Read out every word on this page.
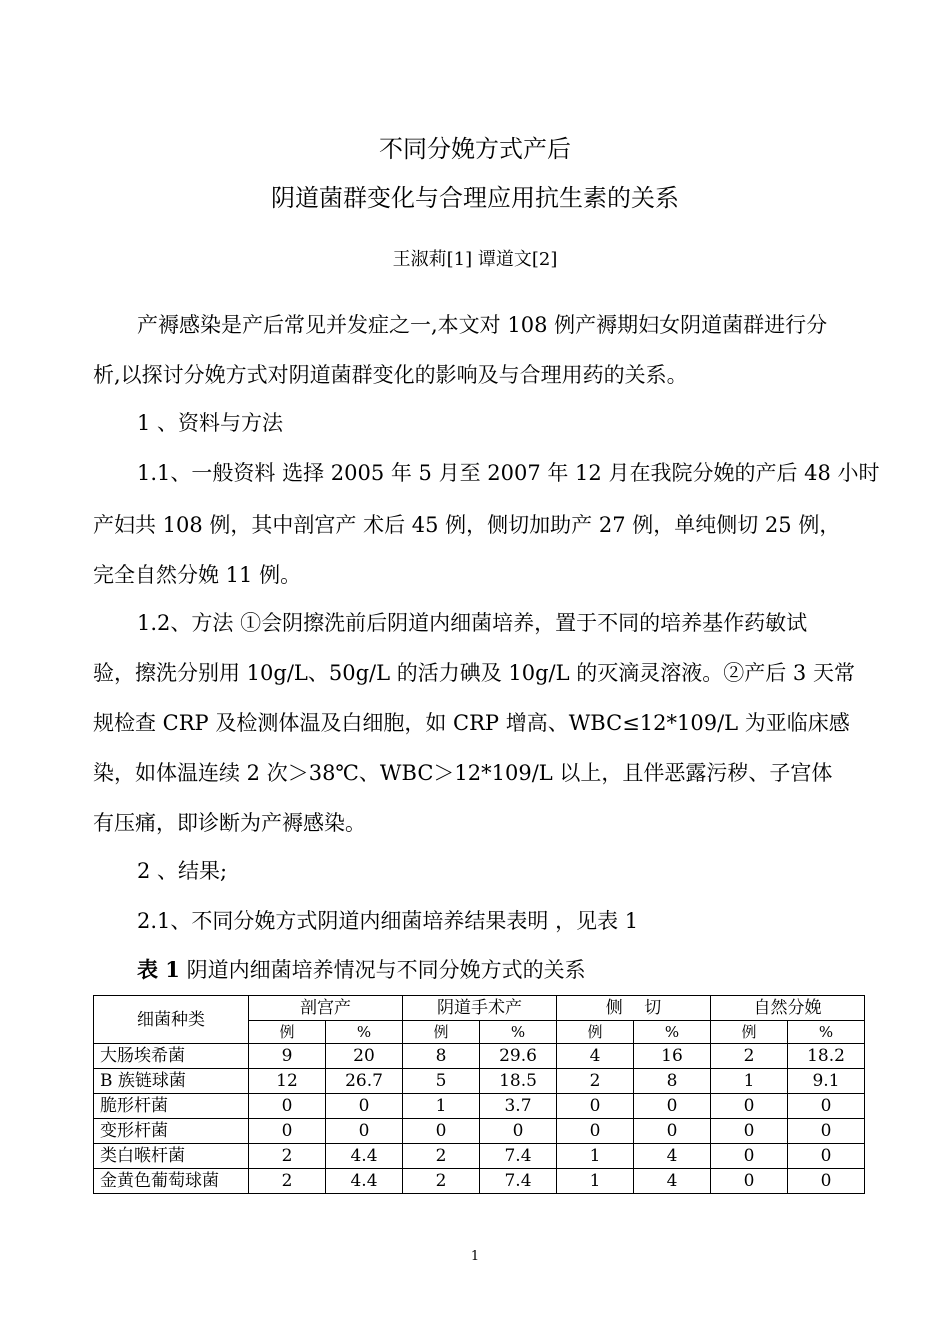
不同分娩方式产后
阴道菌群变化与合理应用抗生素的关系
王淑莉[1] 谭道文[2]
产褥感染是产后常见并发症之一,本文对 108 例产褥期妇女阴道菌群进行分
析,以探讨分娩方式对阴道菌群变化的影响及与合理用药的关系。
1 、资料与方法
1.1、一般资料 选择 2005 年 5 月至 2007 年 12 月在我院分娩的产后 48 小时
产妇共 108 例，其中剖宫产 术后 45 例，侧切加助产 27 例，单纯侧切 25 例，
完全自然分娩 11 例。
1.2、方法 ①会阴擦洗前后阴道内细菌培养，置于不同的培养基作药敏试
验，擦洗分别用 10g/L、50g/L 的活力碘及 10g/L 的灭滴灵溶液。②产后 3 天常
规检查 CRP 及检测体温及白细胞，如 CRP 增高、WBC≤12*109/L 为亚临床感
染，如体温连续 2 次＞38℃、WBC＞12*109/L 以上，且伴恶露污秽、子宫体
有压痛，即诊断为产褥感染。
2 、结果;
2.1、不同分娩方式阴道内细菌培养结果表明 ，见表 1
表 1 阴道内细菌培养情况与不同分娩方式的关系
细菌种类	剖宫产		阴道手术产		侧    切		自然分娩	
	例	%	例	%	例	%	例	%
大肠埃希菌	9	20	8	29.6	4	16	2	18.2
B 族链球菌	12	26.7	5	18.5	2	8	1	9.1
脆形杆菌	0	0	1	3.7	0	0	0	0
变形杆菌	0	0	0	0	0	0	0	0
类白喉杆菌	2	4.4	2	7.4	1	4	0	0
金黄色葡萄球菌	2	4.4	2	7.4	1	4	0	0
1
